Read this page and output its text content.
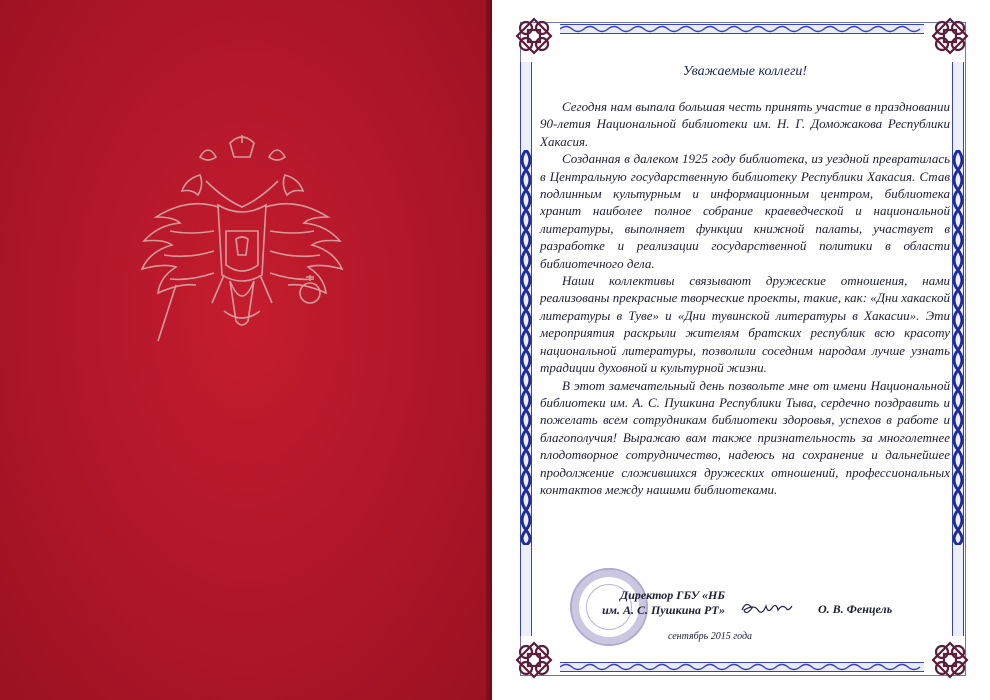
Уважаемые коллеги!

Сегодня нам выпала большая честь принять участие в праздновании 90-летия Национальной библиотеки им. Н. Г. Доможакова Республики Хакасия.

Созданная в далеком 1925 году библиотека, из уездной превратилась в Центральную государственную библиотеку Республики Хакасия. Став подлинным культурным и информационным центром, библиотека хранит наиболее полное собрание краеведческой и национальной литературы, выполняет функции книжной палаты, участвует в разработке и реализации государственной политики в области библиотечного дела.

Наши коллективы связывают дружеские отношения, нами реализованы прекрасные творческие проекты, такие, как: «Дни хакаской литературы в Туве» и «Дни тувинской литературы в Хакасии». Эти мероприятия раскрыли жителям братских республик всю красоту национальной литературы, позволили соседним народам лучше узнать традиции духовной и культурной жизни.

В этот замечательный день позвольте мне от имени Национальной библиотеки им. А. С. Пушкина Республики Тыва, сердечно поздравить и пожелать всем сотрудникам библиотеки здоровья, успехов в работе и благополучия! Выражаю вам также признательность за многолетнее плодотворное сотрудничество, надеюсь на сохранение и дальнейшее продолжение сложившихся дружеских отношений, профессиональных контактов между нашими библиотеками.

Директор ГБУ «НБ
им. А. С. Пушкина РТ»	О. В. Фенцель
сентябрь 2015 года
